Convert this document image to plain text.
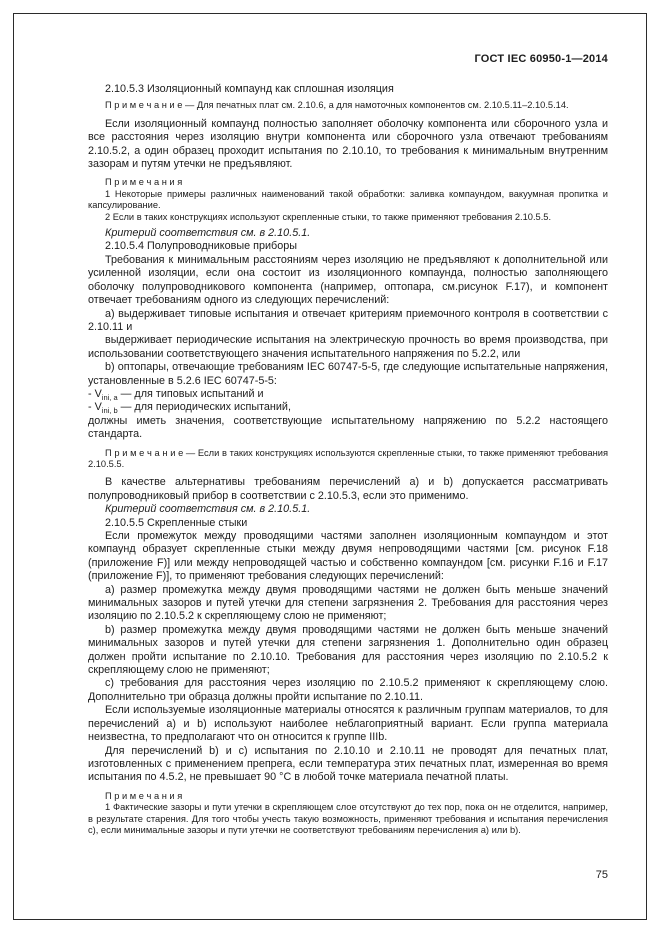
ГОСТ IEC 60950-1—2014

2.10.5.3 Изоляционный компаунд как сплошная изоляция

П р и м е ч а н и е — Для печатных плат см. 2.10.6, а для намоточных компонентов см. 2.10.5.11–2.10.5.14.

Если изоляционный компаунд полностью заполняет оболочку компонента или сборочного узла и все расстояния через изоляцию внутри компонента или сборочного узла отвечают требованиям 2.10.5.2, а один образец проходит испытания по 2.10.10, то требования к минимальным внутренним зазорам и путям утечки не предъявляют.

П р и м е ч а н и я

1 Некоторые примеры различных наименований такой обработки: заливка компаундом, вакуумная пропитка и капсулирование.

2 Если в таких конструкциях используют скрепленные стыки, то также применяют требования 2.10.5.5.

Критерий соответствия см. в 2.10.5.1.

2.10.5.4 Полупроводниковые приборы

Требования к минимальным расстояниям через изоляцию не предъявляют к дополнительной или усиленной изоляции, если она состоит из изоляционного компаунда, полностью заполняющего оболочку полупроводникового компонента (например, оптопара, см.рисунок F.17), и компонент отвечает требованиям одного из следующих перечислений:

а) выдерживает типовые испытания и отвечает критериям приемочного контроля в соответствии с 2.10.11 и

выдерживает периодические испытания на электрическую прочность во время производства, при использовании соответствующего значения испытательного напряжения по 5.2.2, или

b) оптопары, отвечающие требованиям IEC 60747-5-5, где следующие испытательные напряжения, установленные в 5.2.6 IEC 60747-5-5:

- $V_{ini, a}$ — для типовых испытаний и

- $V_{ini, b}$ — для периодических испытаний,

должны иметь значения, соответствующие испытательному напряжению по 5.2.2 настоящего стандарта.

П р и м е ч а н и е — Если в таких конструкциях используются скрепленные стыки, то также применяют требования 2.10.5.5.

В качестве альтернативы требованиям перечислений а) и b) допускается рассматривать полупроводниковый прибор в соответствии с 2.10.5.3, если это применимо.

Критерий соответствия см. в 2.10.5.1.

2.10.5.5 Скрепленные стыки

Если промежуток между проводящими частями заполнен изоляционным компаундом и этот компаунд образует скрепленные стыки между двумя непроводящими частями [см. рисунок F.18 (приложение F)] или между непроводящей частью и собственно компаундом [см. рисунки F.16 и F.17 (приложение F)], то применяют требования следующих перечислений:

а) размер промежутка между двумя проводящими частями не должен быть меньше значений минимальных зазоров и путей утечки для степени загрязнения 2. Требования для расстояния через изоляцию по 2.10.5.2 к скрепляющему слою не применяют;

b) размер промежутка между двумя проводящими частями не должен быть меньше значений минимальных зазоров и путей утечки для степени загрязнения 1. Дополнительно один образец должен пройти испытание по 2.10.10. Требования для расстояния через изоляцию по 2.10.5.2 к скрепляющему слою не применяют;

с) требования для расстояния через изоляцию по 2.10.5.2 применяют к скрепляющему слою. Дополнительно три образца должны пройти испытание по 2.10.11.

Если используемые изоляционные материалы относятся к различным группам материалов, то для перечислений а) и b) используют наиболее неблагоприятный вариант. Если группа материала неизвестна, то предполагают что он относится к группе IIIb.

Для перечислений b) и с) испытания по 2.10.10 и 2.10.11 не проводят для печатных плат, изготовленных с применением препрега, если температура этих печатных плат, измеренная во время испытания по 4.5.2, не превышает 90 °С в любой точке материала печатной платы.

П р и м е ч а н и я

1 Фактические зазоры и пути утечки в скрепляющем слое отсутствуют до тех пор, пока он не отделится, например, в результате старения. Для того чтобы учесть такую возможность, применяют требования и испытания перечисления с), если минимальные зазоры и пути утечки не соответствуют требованиям перечисления а) или b).

75
